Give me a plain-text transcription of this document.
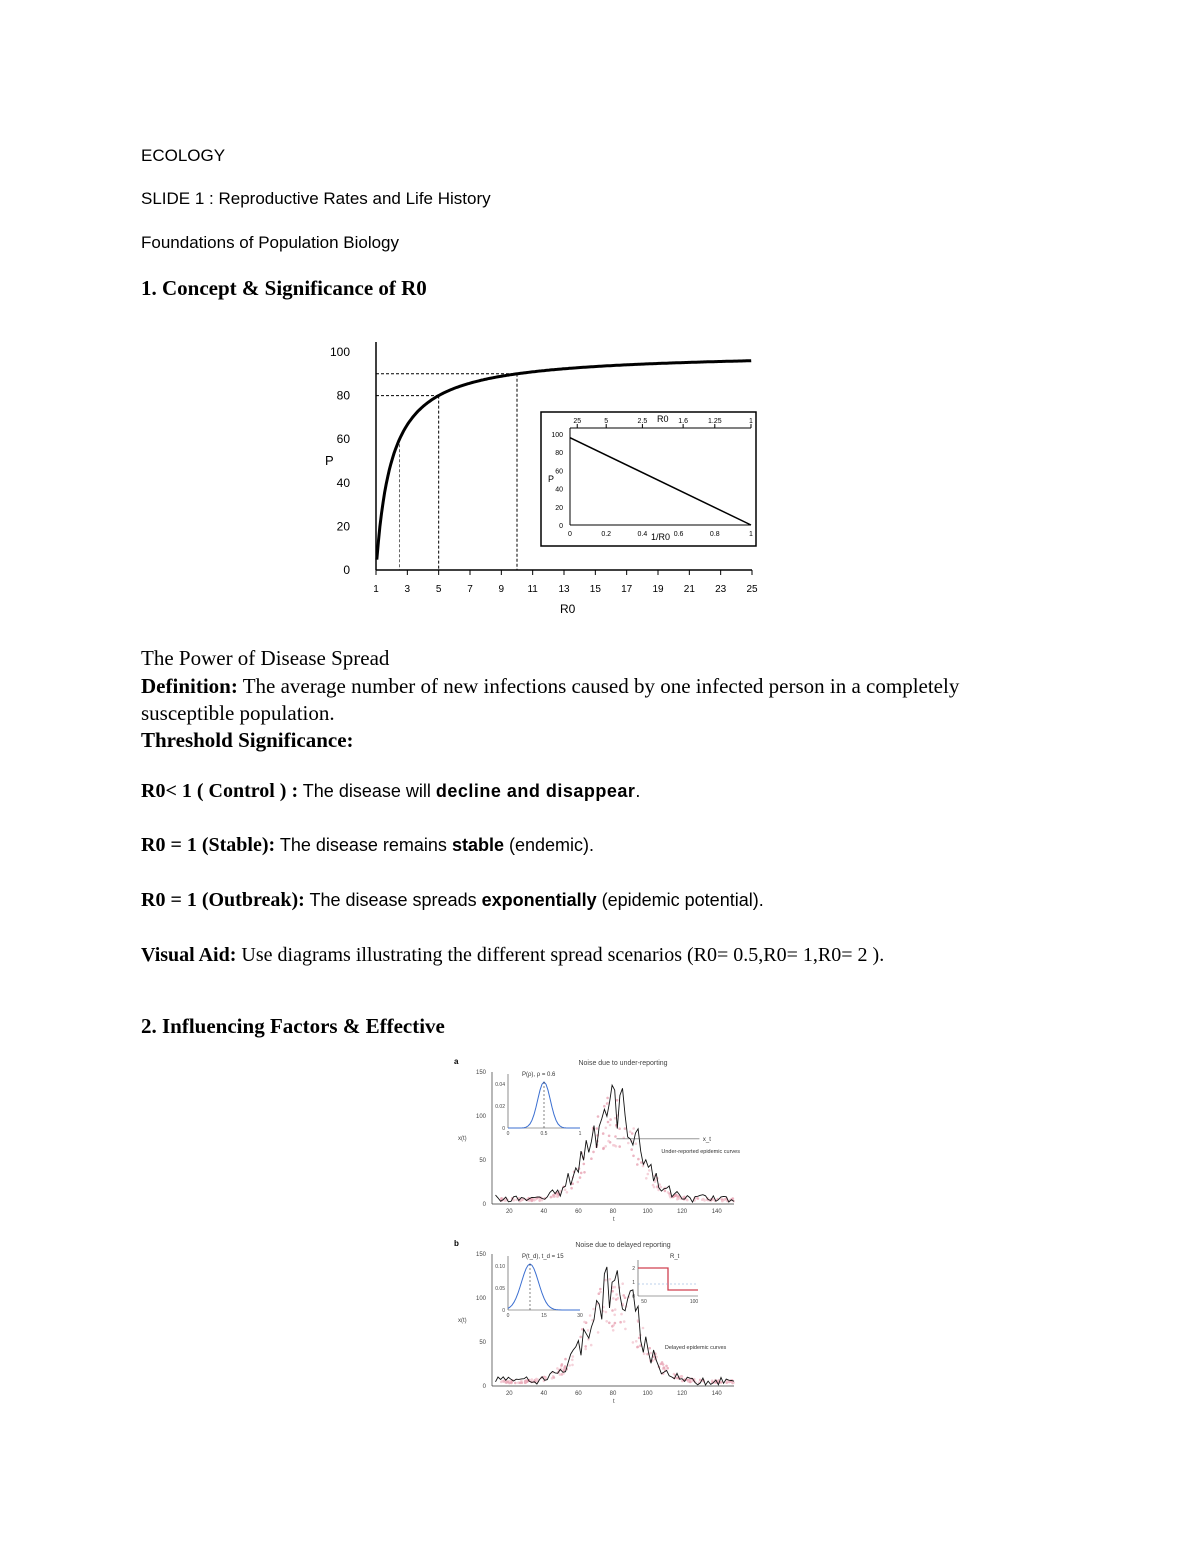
ECOLOGY
SLIDE 1 : Reproductive Rates and Life History
Foundations of Population Biology
1. Concept & Significance of R0
0
20
40
60
80
100
1	3	5	7	9 11 13 15 17 19 21 23 25
P
R0
0
20
40
60
80
100
0	0.2	0.4	0.6	0.8	1
25	5	2.5	1.6	1.25	1
R0
P
1/R0
The Power of Disease Spread
Definition: The average number of new infections caused by one infected person in a completely
susceptible population.
Threshold Significance:
R0< 1 ( Control ) : The disease will decline and disappear.
R0 = 1 (Stable): The disease remains stable (endemic).
R0 = 1 (Outbreak): The disease spreads exponentially (epidemic potential).
Visual Aid: Use diagrams illustrating the different spread scenarios (R0= 0.5,R0= 1,R0= 2 ).
2. Influencing Factors & Effective
a	Noise due to under-reporting
0
50
100
150
20	40	60	80	100	120	140
x(t)
t
P(ρ), ρ = 0.6
0
0.02
0.04
0	0.5	1
x_t
Under-reported epidemic curves
b	Noise due to delayed reporting
0
50
100
150
20	40	60	80	100	120	140
x(t)
t
P(t_d), t_d = 15
0
0.05
0.10
0	15	30
Delayed epidemic curves
R_t
0
1
2
50	100
